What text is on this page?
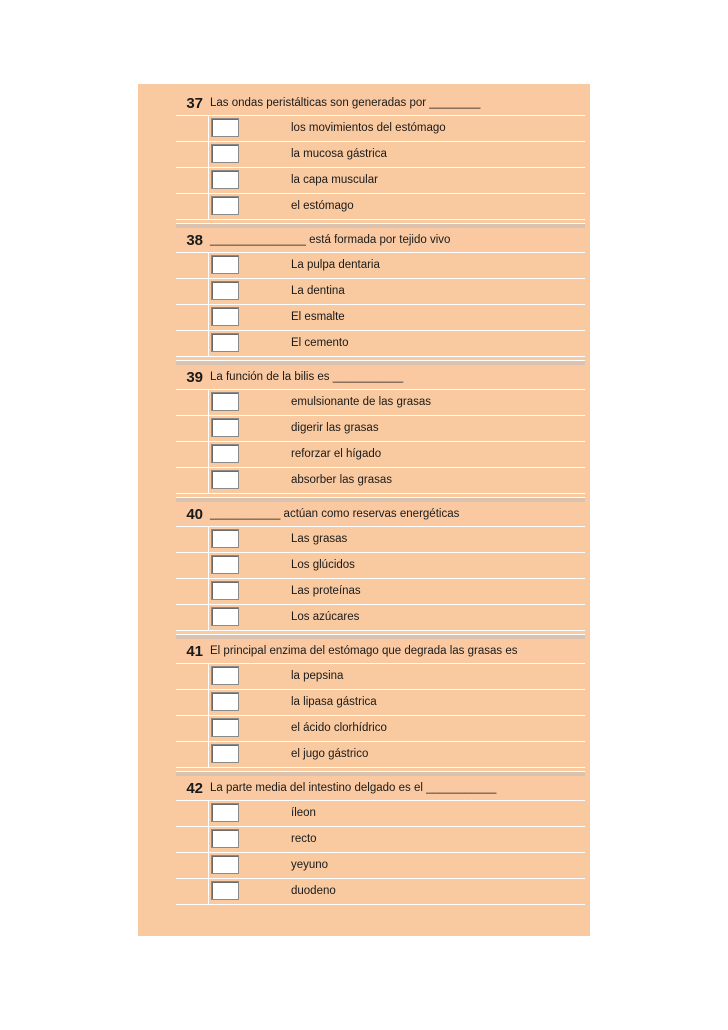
37 Las ondas peristálticas son generadas por ________
los movimientos del estómago
la mucosa gástrica
la capa muscular
el estómago
38 _______________ está formada por tejido vivo
La pulpa dentaria
La dentina
El esmalte
El cemento
39 La función de la bilis es ___________
emulsionante de las grasas
digerir las grasas
reforzar el hígado
absorber las grasas
40 ___________ actúan como reservas energéticas
Las grasas
Los glúcidos
Las proteínas
Los azúcares
41 El principal enzima del estómago que degrada las grasas es
la pepsina
la lipasa gástrica
el ácido clorhídrico
el jugo gástrico
42 La parte media del intestino delgado es el ___________
íleon
recto
yeyuno
duodeno
